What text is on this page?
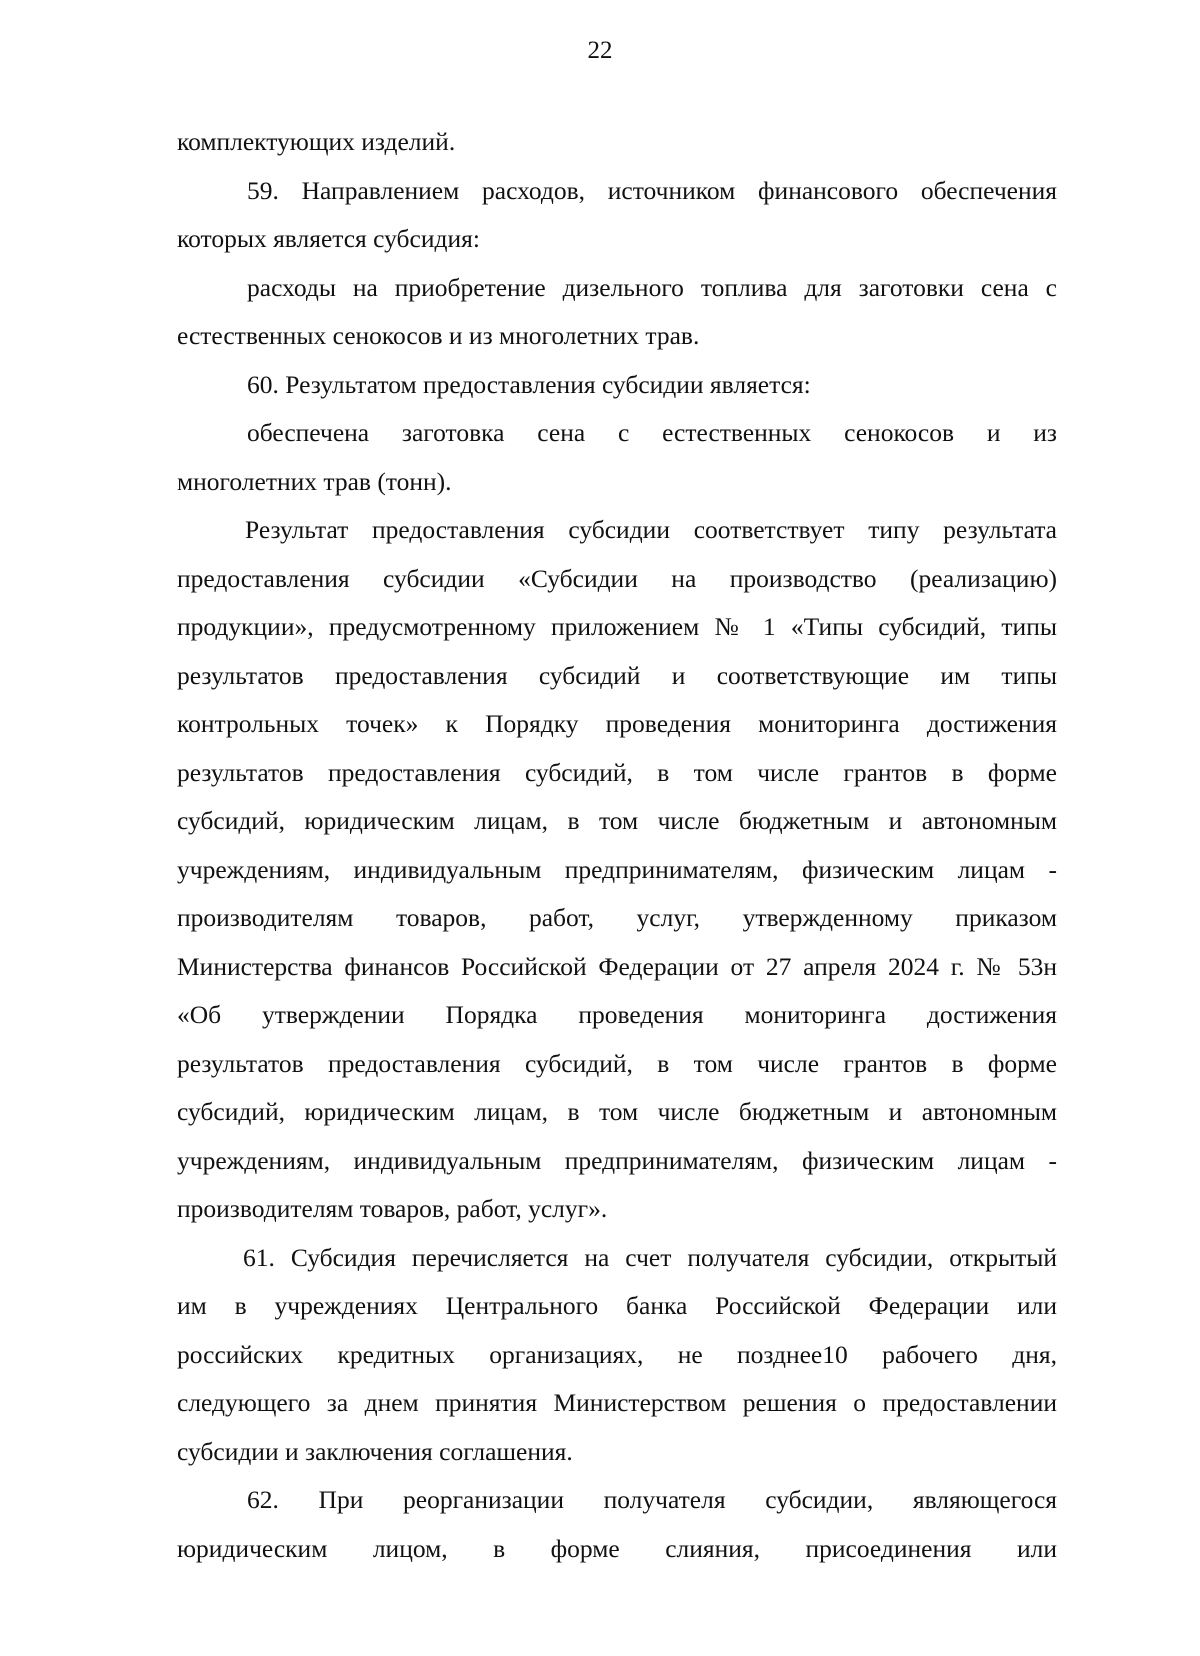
22
комплектующих изделий.
59. Направлением расходов, источником финансового обеспечения
которых является субсидия:
расходы на приобретение дизельного топлива для заготовки сена с
естественных сенокосов и из многолетних трав.
60. Результатом предоставления субсидии является:
обеспечена заготовка сена с естественных сенокосов и из
многолетних трав (тонн).
Результат предоставления субсидии соответствует типу результата
предоставления субсидии «Субсидии на производство (реализацию)
продукции», предусмотренному приложением № 1 «Типы субсидий, типы
результатов предоставления субсидий и соответствующие им типы
контрольных точек» к Порядку проведения мониторинга достижения
результатов предоставления субсидий, в том числе грантов в форме
субсидий, юридическим лицам, в том числе бюджетным и автономным
учреждениям, индивидуальным предпринимателям, физическим лицам -
производителям товаров, работ, услуг, утвержденному приказом
Министерства финансов Российской Федерации от 27 апреля 2024 г. № 53н
«Об утверждении Порядка проведения мониторинга достижения
результатов предоставления субсидий, в том числе грантов в форме
субсидий, юридическим лицам, в том числе бюджетным и автономным
учреждениям, индивидуальным предпринимателям, физическим лицам -
производителям товаров, работ, услуг».
61. Субсидия перечисляется на счет получателя субсидии, открытый
им в учреждениях Центрального банка Российской Федерации или
российских кредитных организациях, не позднее10 рабочего дня,
следующего за днем принятия Министерством решения о предоставлении
субсидии и заключения соглашения.
62. При реорганизации получателя субсидии, являющегося
юридическим лицом, в форме слияния, присоединения или
